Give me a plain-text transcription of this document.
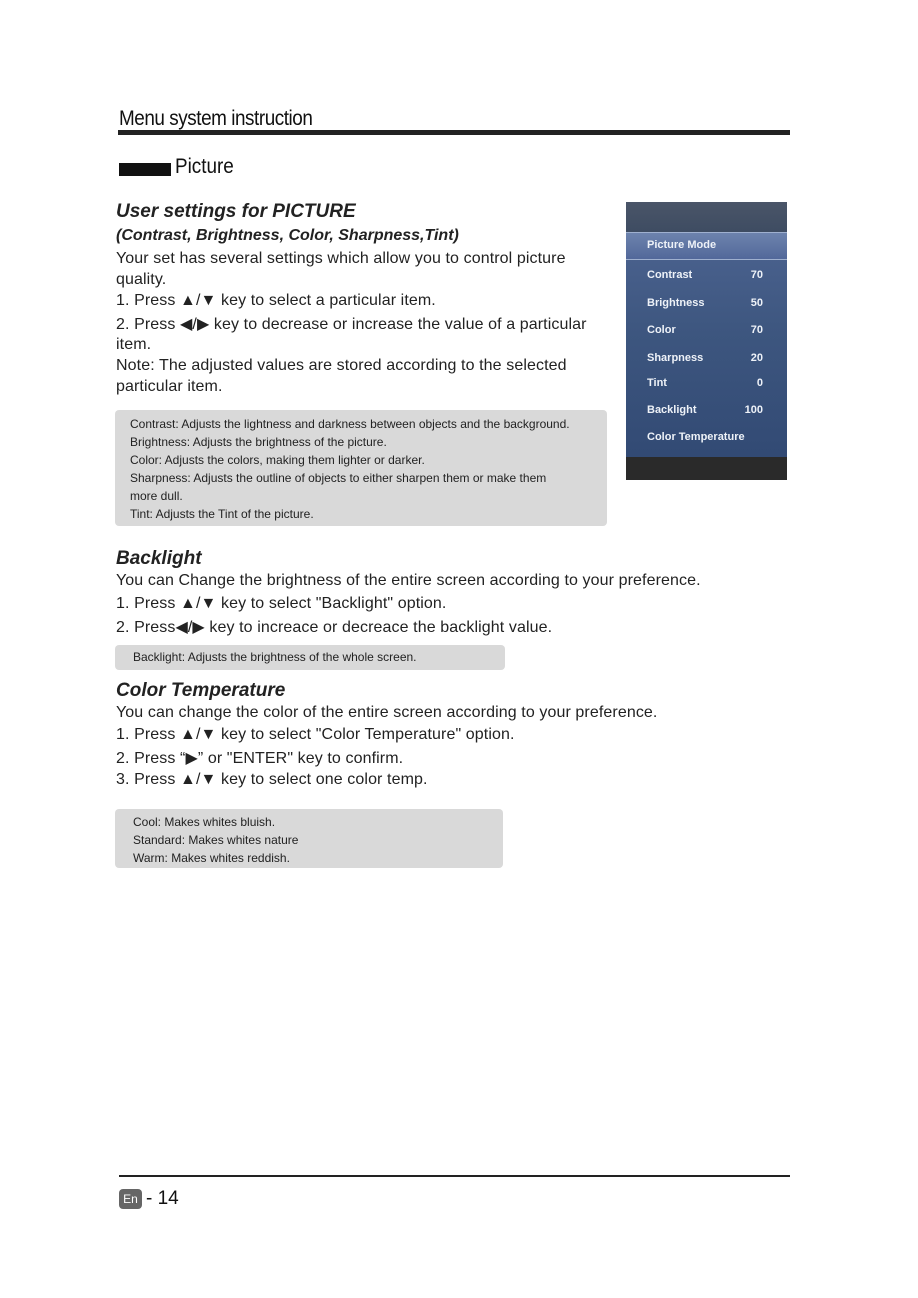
Menu system instruction
Picture
User settings for PICTURE
(Contrast, Brightness, Color, Sharpness,Tint)
Your set has several settings which allow you to control picture
quality.
1. Press ▲/▼ key to select a particular item.
2. Press ◀/▶ key to decrease or increase the value of a particular
item.
Note: The adjusted values are stored according to the selected
particular item.
Contrast: Adjusts the lightness and darkness between objects and the background.
Brightness: Adjusts the brightness of the picture.
Color: Adjusts the colors, making them lighter or darker.
Sharpness: Adjusts the outline of objects to either sharpen them or make them
more dull.
Tint: Adjusts the Tint of the picture.
Picture Mode
Contrast	70
Brightness	50
Color	70
Sharpness	20
Tint	0
Backlight	100
Color Temperature
Backlight
You can Change the brightness of the entire screen according to your preference.
1. Press ▲/▼ key to select "Backlight" option.
2. Press◀/▶ key to increace or decreace the backlight value.
Backlight: Adjusts the brightness of the whole screen.
Color Temperature
You can change the color of the entire screen according to your preference.
1. Press ▲/▼ key to select "Color Temperature" option.
2. Press “▶” or "ENTER" key to confirm.
3. Press ▲/▼ key to select one color temp.
Cool: Makes whites bluish.
Standard: Makes whites nature
Warm: Makes whites reddish.
En - 14
